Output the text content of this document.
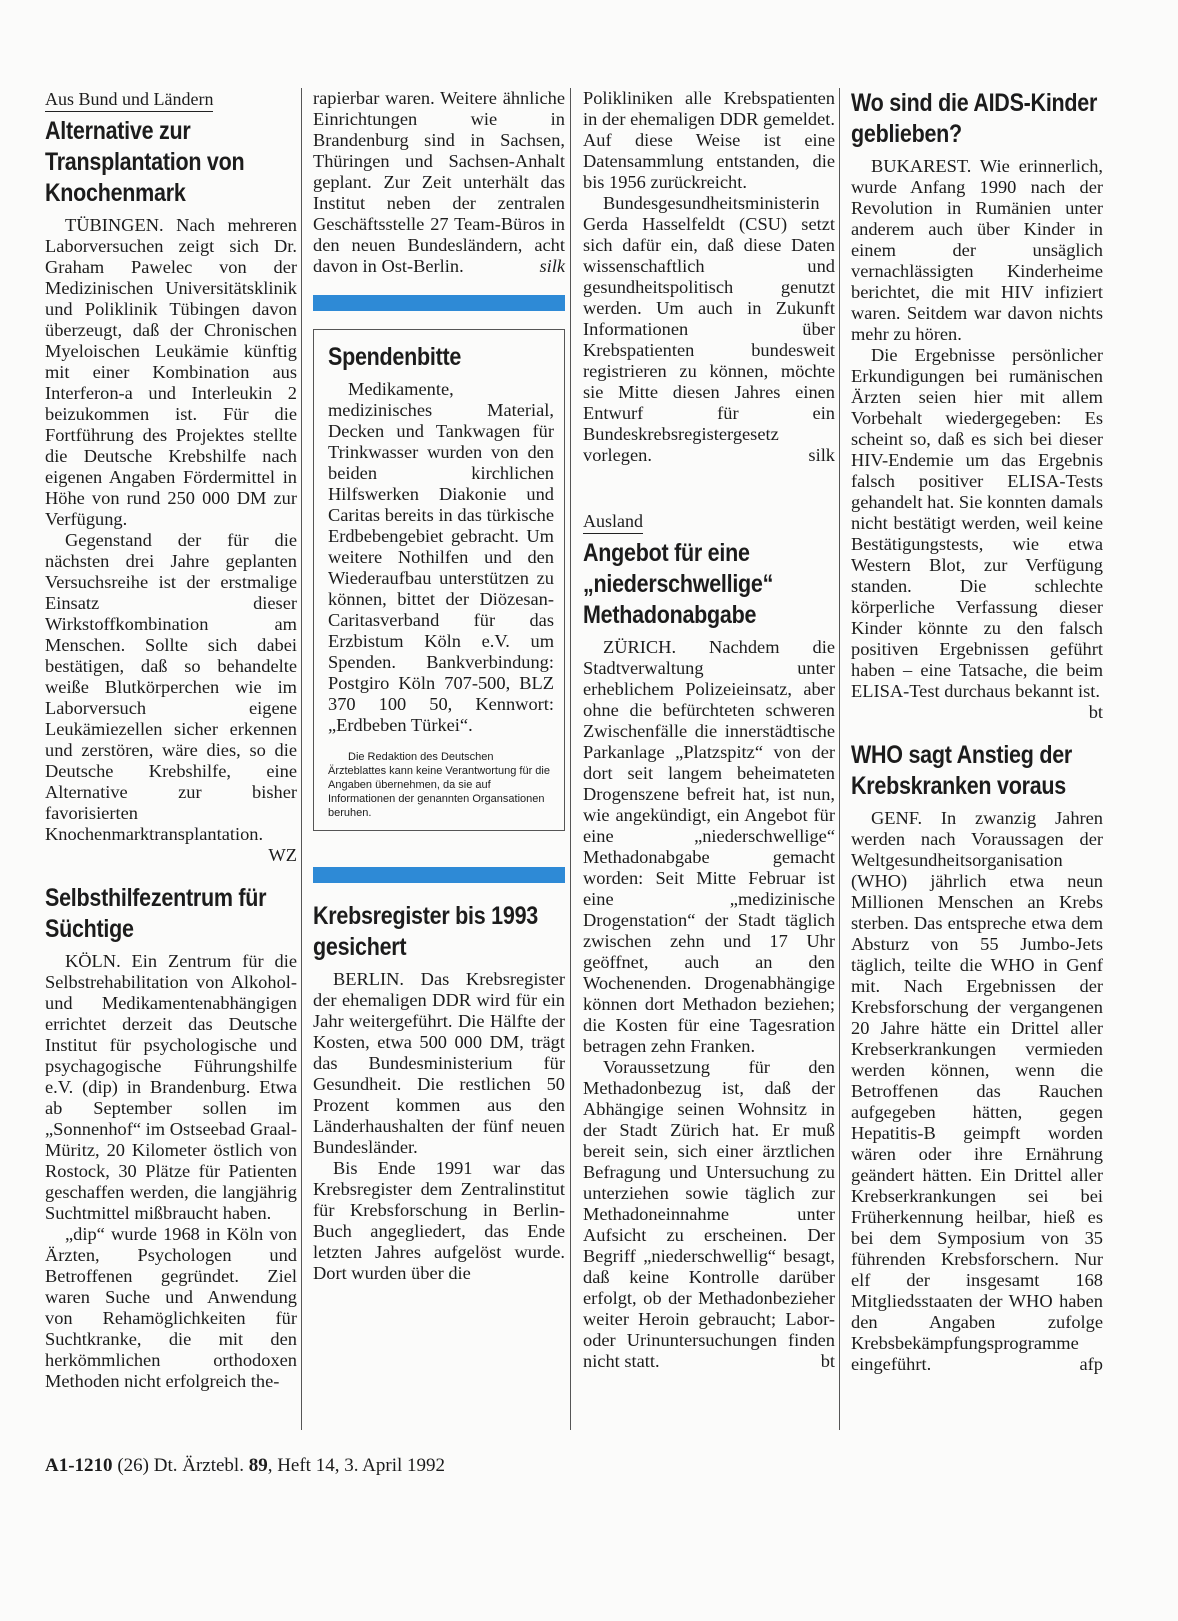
Aus Bund und Ländern
Alternative zur Transplantation von Knochenmark

TÜBINGEN. Nach mehreren Laborversuchen zeigt sich Dr. Graham Pawelec von der Medizinischen Universitätsklinik und Poliklinik Tübingen davon überzeugt, daß der Chronischen Myeloischen Leukämie künftig mit einer Kombination aus Interferon-a und Interleukin 2 beizukommen ist. Für die Fortführung des Projektes stellte die Deutsche Krebshilfe nach eigenen Angaben Fördermittel in Höhe von rund 250 000 DM zur Verfügung.

Gegenstand der für die nächsten drei Jahre geplanten Versuchsreihe ist der erstmalige Einsatz dieser Wirkstoffkombination am Menschen. Sollte sich dabei bestätigen, daß so behandelte weiße Blutkörperchen wie im Laborversuch eigene Leukämiezellen sicher erkennen und zerstören, wäre dies, so die Deutsche Krebshilfe, eine Alternative zur bisher favorisierten Knochenmarktransplantation.
WZ

Selbsthilfezentrum für Süchtige

KÖLN. Ein Zentrum für die Selbstrehabilitation von Alkohol- und Medikamentenabhängigen errichtet derzeit das Deutsche Institut für psychologische und psychagogische Führungshilfe e.V. (dip) in Brandenburg. Etwa ab September sollen im „Sonnenhof“ im Ostseebad Graal-Müritz, 20 Kilometer östlich von Rostock, 30 Plätze für Patienten geschaffen werden, die langjährig Suchtmittel mißbraucht haben.

„dip“ wurde 1968 in Köln von Ärzten, Psychologen und Betroffenen gegründet. Ziel waren Suche und Anwendung von Rehamöglichkeiten für Suchtkranke, die mit den herkömmlichen orthodoxen Methoden nicht erfolgreich the-

rapierbar waren. Weitere ähnliche Einrichtungen wie in Brandenburg sind in Sachsen, Thüringen und Sachsen-Anhalt geplant. Zur Zeit unterhält das Institut neben der zentralen Geschäftsstelle 27 Team-Büros in den neuen Bundesländern, acht davon in Ost-Berlin.	silk

Spendenbitte

Medikamente, medizinisches Material, Decken und Tankwagen für Trinkwasser wurden von den beiden kirchlichen Hilfswerken Diakonie und Caritas bereits in das türkische Erdbebengebiet gebracht. Um weitere Nothilfen und den Wiederaufbau unterstützen zu können, bittet der Diözesan-Caritasverband für das Erzbistum Köln e.V. um Spenden. Bankverbindung: Postgiro Köln 707-500, BLZ 370 100 50, Kennwort: „Erdbeben Türkei“.

Die Redaktion des Deutschen Ärzteblattes kann keine Verantwortung für die Angaben übernehmen, da sie auf Informationen der genannten Organsationen beruhen.

Krebsregister bis 1993 gesichert

BERLIN. Das Krebsregister der ehemaligen DDR wird für ein Jahr weitergeführt. Die Hälfte der Kosten, etwa 500 000 DM, trägt das Bundesministerium für Gesundheit. Die restlichen 50 Prozent kommen aus den Länderhaushalten der fünf neuen Bundesländer.

Bis Ende 1991 war das Krebsregister dem Zentralinstitut für Krebsforschung in Berlin-Buch angegliedert, das Ende letzten Jahres aufgelöst wurde. Dort wurden über die

Polikliniken alle Krebspatienten in der ehemaligen DDR gemeldet. Auf diese Weise ist eine Datensammlung entstanden, die bis 1956 zurückreicht.

Bundesgesundheitsministerin Gerda Hasselfeldt (CSU) setzt sich dafür ein, daß diese Daten wissenschaftlich und gesundheitspolitisch genutzt werden. Um auch in Zukunft Informationen über Krebspatienten bundesweit registrieren zu können, möchte sie Mitte diesen Jahres einen Entwurf für ein Bundeskrebsregistergesetz vorlegen.	silk

Ausland
Angebot für eine „niederschwellige“ Methadonabgabe

ZÜRICH. Nachdem die Stadtverwaltung unter erheblichem Polizeieinsatz, aber ohne die befürchteten schweren Zwischenfälle die innerstädtische Parkanlage „Platzspitz“ von der dort seit langem beheimateten Drogenszene befreit hat, ist nun, wie angekündigt, ein Angebot für eine „niederschwellige“ Methadonabgabe gemacht worden: Seit Mitte Februar ist eine „medizinische Drogenstation“ der Stadt täglich zwischen zehn und 17 Uhr geöffnet, auch an den Wochenenden. Drogenabhängige können dort Methadon beziehen; die Kosten für eine Tagesration betragen zehn Franken.

Voraussetzung für den Methadonbezug ist, daß der Abhängige seinen Wohnsitz in der Stadt Zürich hat. Er muß bereit sein, sich einer ärztlichen Befragung und Untersuchung zu unterziehen sowie täglich zur Methadoneinnahme unter Aufsicht zu erscheinen. Der Begriff „niederschwellig“ besagt, daß keine Kontrolle darüber erfolgt, ob der Methadonbezieher weiter Heroin gebraucht; Labor- oder Urinuntersuchungen finden nicht statt.	bt

Wo sind die AIDS-Kinder geblieben?

BUKAREST. Wie erinnerlich, wurde Anfang 1990 nach der Revolution in Rumänien unter anderem auch über Kinder in einem der unsäglich vernachlässigten Kinderheime berichtet, die mit HIV infiziert waren. Seitdem war davon nichts mehr zu hören.

Die Ergebnisse persönlicher Erkundigungen bei rumänischen Ärzten seien hier mit allem Vorbehalt wiedergegeben: Es scheint so, daß es sich bei dieser HIV-Endemie um das Ergebnis falsch positiver ELISA-Tests gehandelt hat. Sie konnten damals nicht bestätigt werden, weil keine Bestätigungstests, wie etwa Western Blot, zur Verfügung standen. Die schlechte körperliche Verfassung dieser Kinder könnte zu den falsch positiven Ergebnissen geführt haben – eine Tatsache, die beim ELISA-Test durchaus bekannt ist.
bt

WHO sagt Anstieg der Krebskranken voraus

GENF. In zwanzig Jahren werden nach Voraussagen der Weltgesundheitsorganisation (WHO) jährlich etwa neun Millionen Menschen an Krebs sterben. Das entspreche etwa dem Absturz von 55 Jumbo-Jets täglich, teilte die WHO in Genf mit. Nach Ergebnissen der Krebsforschung der vergangenen 20 Jahre hätte ein Drittel aller Krebserkrankungen vermieden werden können, wenn die Betroffenen das Rauchen aufgegeben hätten, gegen Hepatitis-B geimpft worden wären oder ihre Ernährung geändert hätten. Ein Drittel aller Krebserkrankungen sei bei Früherkennung heilbar, hieß es bei dem Symposium von 35 führenden Krebsforschern. Nur elf der insgesamt 168 Mitgliedsstaaten der WHO haben den Angaben zufolge Krebsbekämpfungsprogramme eingeführt.	afp

A1-1210 (26) Dt. Ärztebl. 89, Heft 14, 3. April 1992
